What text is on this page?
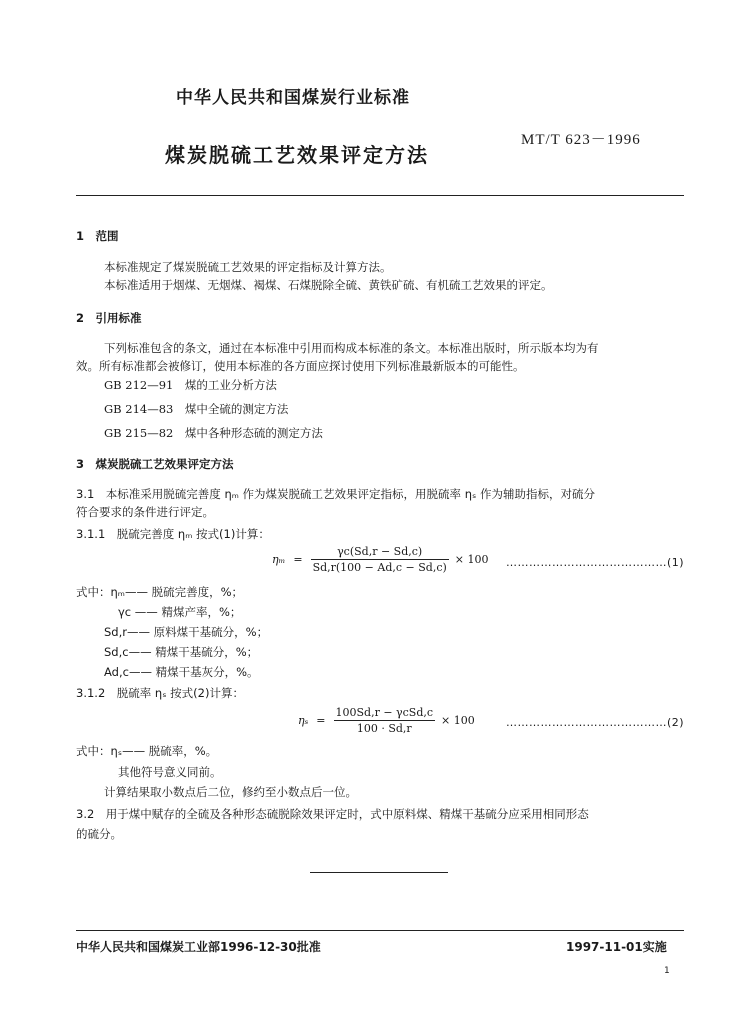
中华人民共和国煤炭行业标准
煤炭脱硫工艺效果评定方法
MT/T 623－1996
1　范围
本标准规定了煤炭脱硫工艺效果的评定指标及计算方法。
本标准适用于烟煤、无烟煤、褐煤、石煤脱除全硫、黄铁矿硫、有机硫工艺效果的评定。
2　引用标准
下列标准包含的条文，通过在本标准中引用而构成本标准的条文。本标准出版时，所示版本均为有
效。所有标准都会被修订，使用本标准的各方面应探讨使用下列标准最新版本的可能性。
GB 212—91　煤的工业分析方法
GB 214—83　煤中全硫的测定方法
GB 215—82　煤中各种形态硫的测定方法
3　煤炭脱硫工艺效果评定方法
3.1　本标准采用脱硫完善度 ηₘ 作为煤炭脱硫工艺效果评定指标，用脱硫率 ηₛ 作为辅助指标，对硫分
符合要求的条件进行评定。
3.1.1　脱硫完善度 ηₘ 按式(1)计算：
$\eta_m = \frac{\gamma c(Sd,r - Sd,c)}{Sd,r(100 - Ad,c - Sd,c)} \times 100$ ……………………………………(1)
式中：ηₘ—— 脱硫完善度，%；
γc —— 精煤产率，%；
Sd,r—— 原料煤干基硫分，%；
Sd,c—— 精煤干基硫分，%；
Ad,c—— 精煤干基灰分，%。
3.1.2　脱硫率 ηₛ 按式(2)计算：
$\eta_s = \frac{\text{100Sd,r − γcSd,c}}{100 \cdot Sd,r} \times 100$	……………………………………(2)
式中：ηₛ—— 脱硫率，%。
其他符号意义同前。
计算结果取小数点后二位，修约至小数点后一位。
3.2　用于煤中赋存的全硫及各种形态硫脱除效果评定时，式中原料煤、精煤干基硫分应采用相同形态
的硫分。
中华人民共和国煤炭工业部1996-12-30批准	1997-11-01实施
1
